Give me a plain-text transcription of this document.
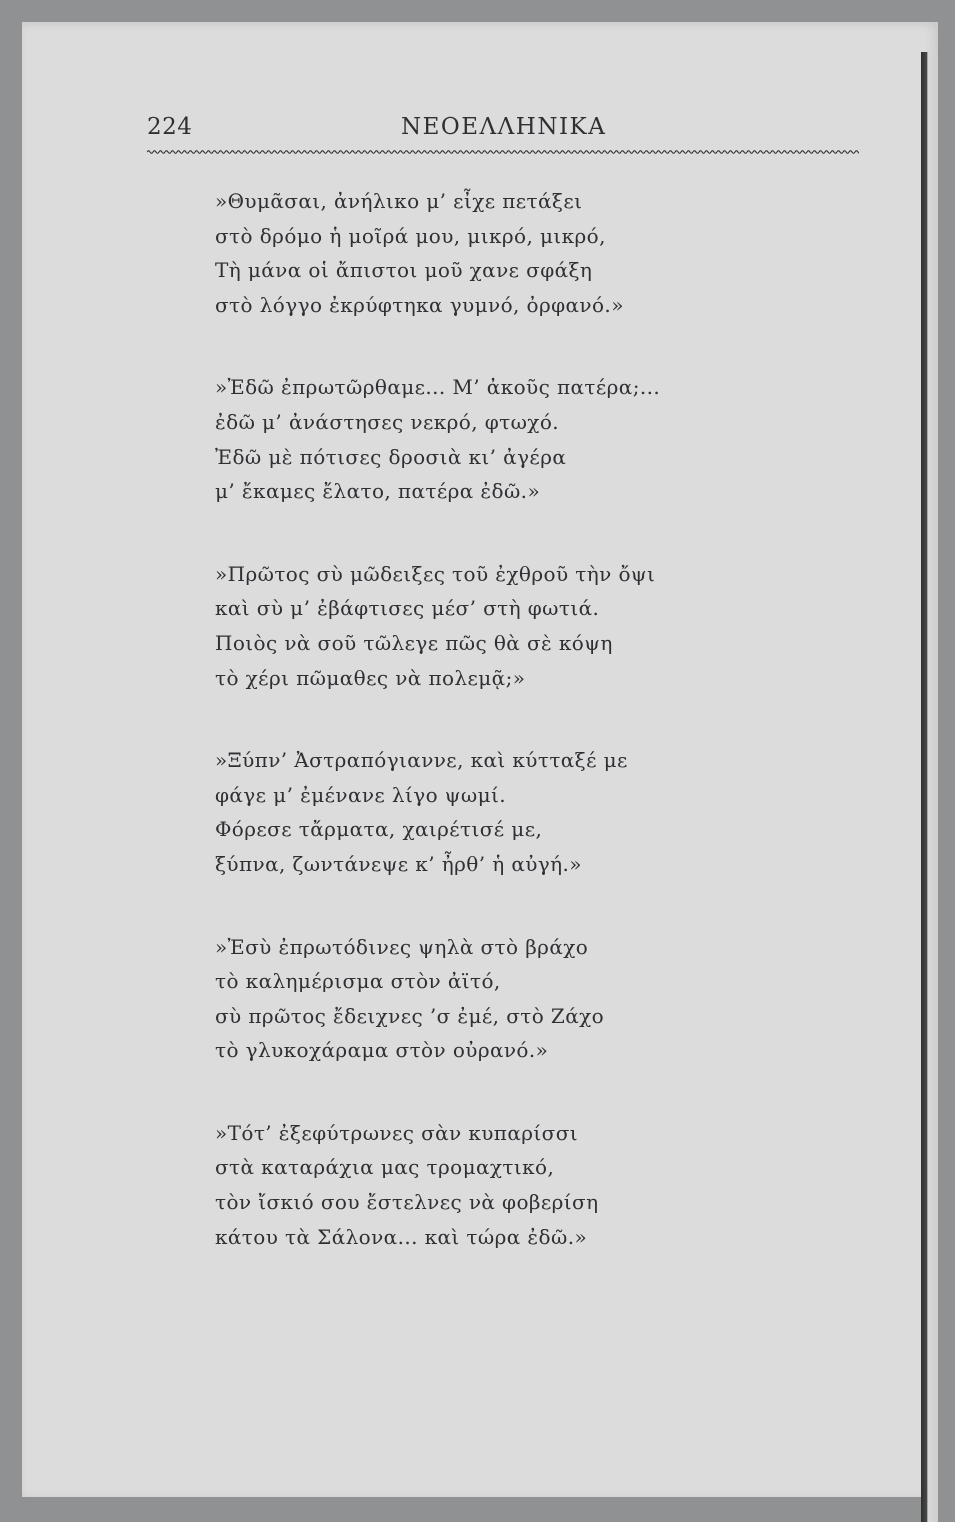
224	ΝΕΟΕΛΛΗΝΙΚΑ
»Θυμᾶσαι, ἀνήλικο μ’ εἶχε πετάξει
στὸ δρόμο ἡ μοῖρά μου, μικρό, μικρό,
Τὴ μάνα οἱ ἄπιστοι μοῦ χανε σφάξη
στὸ λόγγο ἐκρύφτηκα γυμνό, ὀρφανό.»
»Ἐδῶ ἐπρωτῶρθαμε... Μ’ ἀκοῦς πατέρα;...
ἐδῶ μ’ ἀνάστησες νεκρό, φτωχό.
Ἐδῶ μὲ πότισες δροσιὰ κι’ ἀγέρα
μ’ ἔκαμες ἔλατο, πατέρα ἐδῶ.»
»Πρῶτος σὺ μῶδειξες τοῦ ἐχθροῦ τὴν ὄψι
καὶ σὺ μ’ ἐβάφτισες μέσ’ στὴ φωτιά.
Ποιὸς νὰ σοῦ τῶλεγε πῶς θὰ σὲ κόψη
τὸ χέρι πῶμαθες νὰ πολεμᾷ;»
»Ξύπν’ Ἀστραπόγιαννε, καὶ κύτταξέ με
φάγε μ’ ἐμένανε λίγο ψωμί.
Φόρεσε τἄρματα, χαιρέτισέ με,
ξύπνα, ζωντάνεψε κ’ ἦρθ’ ἡ αὐγή.»
»Ἐσὺ ἐπρωτόδινες ψηλὰ στὸ βράχο
τὸ καλημέρισμα στὸν ἀϊτό,
σὺ πρῶτος ἔδειχνες ’σ ἐμέ, στὸ Ζάχο
τὸ γλυκοχάραμα στὸν οὐρανό.»
»Τότ’ ἐξεφύτρωνες σὰν κυπαρίσσι
στὰ καταράχια μας τρομαχτικό,
τὸν ἴσκιό σου ἔστελνες νὰ φοβερίση
κάτου τὰ Σάλονα... καὶ τώρα ἐδῶ.»
